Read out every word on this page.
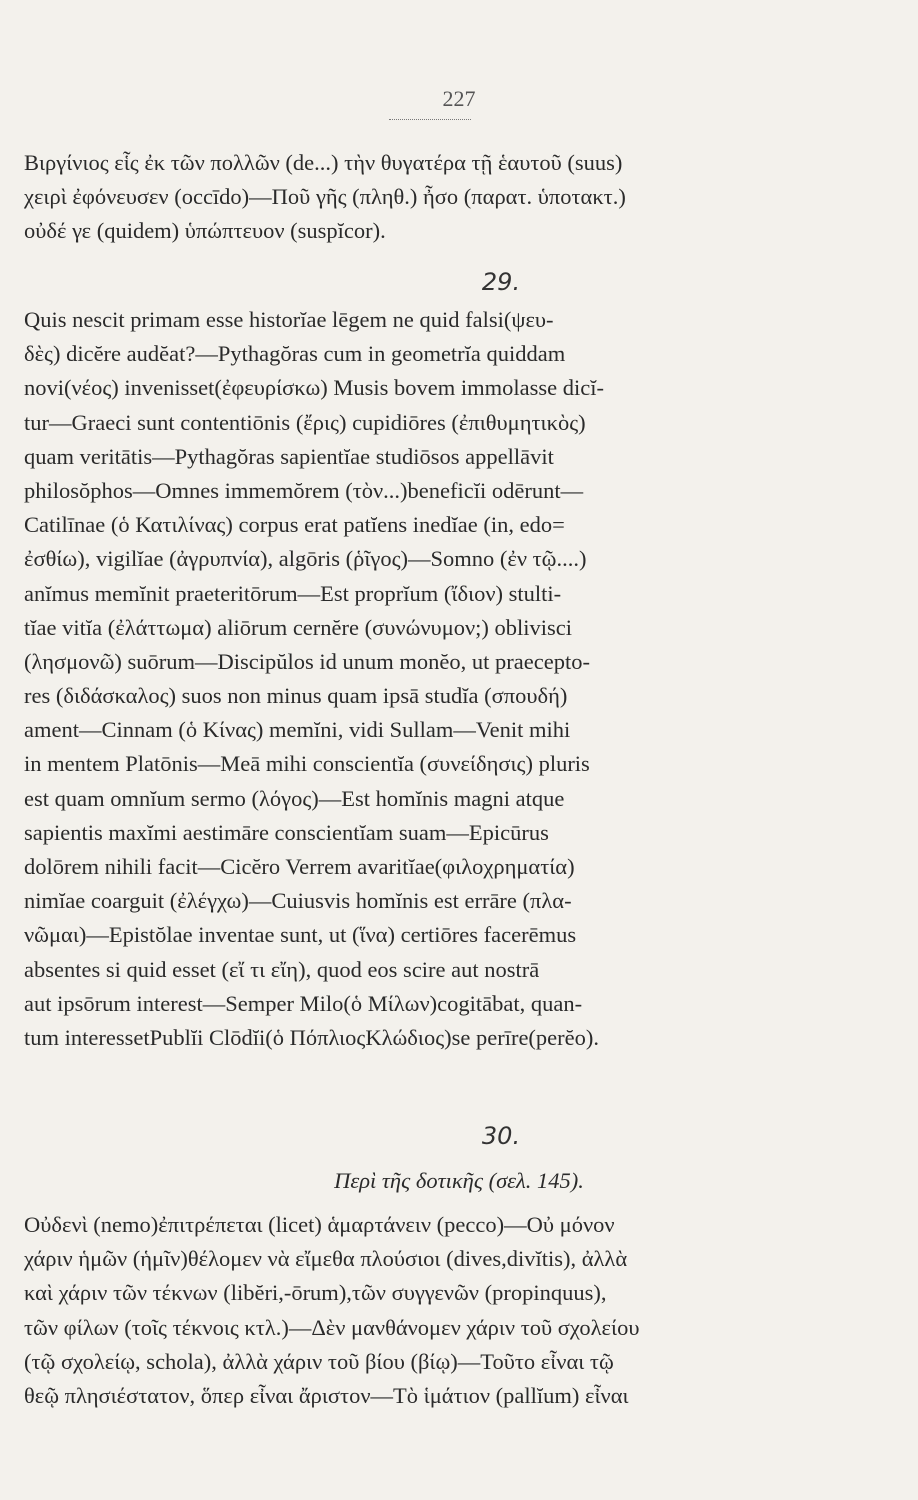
227
Βιργίνιος εἷς ἐκ τῶν πολλῶν (de...) τὴν θυγατέρα τῇ ἑαυτοῦ (suus)
χειρὶ ἐφόνευσεν (occīdo)—Ποῦ γῆς (πληθ.) ἦσο (παρατ. ὑποτακτ.)
οὐδέ γε (quidem) ὑπώπτευον (suspĭcor).
29.
Quis nescit primam esse historĭae lēgem ne quid falsi(ψευ-
δὲς) dicĕre audĕat?—Pythagŏras cum in geometrĭa quiddam
novi(νέος) invenisset(ἐφευρίσκω) Musis bovem immolasse dicĭ-
tur—Graeci sunt contentiōnis (ἔρις) cupidiōres (ἐπιθυμητικὸς)
quam veritātis—Pythagŏras sapientĭae studiōsos appellāvit
philosŏphos—Omnes immemŏrem (τὸν...)beneficĭi odērunt—
Catilīnae (ὁ Κατιλίνας) corpus erat patĭens inedĭae (in, edo=
ἐσθίω), vigilĭae (ἀγρυπνία), algōris (ῥῖγος)—Somno (ἐν τῷ....)
anĭmus memĭnit praeteritōrum—Est proprĭum (ἴδιον) stulti-
tĭae vitĭa (ἐλάττωμα) aliōrum cernĕre (συνώνυμον;) oblivisci
(λησμονῶ) suōrum—Discipŭlos id unum monĕo, ut praecepto-
res (διδάσκαλος) suos non minus quam ipsā studĭa (σπουδή)
ament—Cinnam (ὁ Κίνας) memĭni, vidi Sullam—Venit mihi
in mentem Platōnis—Meā mihi conscientĭa (συνείδησις) pluris
est quam omnĭum sermo (λόγος)—Est homĭnis magni atque
sapientis maxĭmi aestimāre conscientĭam suam—Epicūrus
dolōrem nihili facit—Cicĕro Verrem avaritĭae(φιλοχρηματία)
nimĭae coarguit (ἐλέγχω)—Cuiusvis homĭnis est errāre (πλα-
νῶμαι)—Epistŏlae inventae sunt, ut (ἵνα) certiōres facerēmus
absentes si quid esset (εἴ τι εἴη), quod eos scire aut nostrā
aut ipsōrum interest—Semper Milo(ὁ Μίλων)cogitābat, quan-
tum interessetPublĭi Clōdĭi(ὁ ΠόπλιοςΚλώδιος)se perīre(perĕo).
30.
Περὶ τῆς δοτικῆς (σελ. 145).
Οὐδενὶ (nemo)ἐπιτρέπεται (licet) ἁμαρτάνειν (pecco)—Οὐ μόνον
χάριν ἡμῶν (ἡμῖν)θέλομεν νὰ εἴμεθα πλούσιοι (dives,divĭtis), ἀλλὰ
καὶ χάριν τῶν τέκνων (libĕri,-ōrum),τῶν συγγενῶν (propinquus),
τῶν φίλων (τοῖς τέκνοις κτλ.)—Δὲν μανθάνομεν χάριν τοῦ σχολείου
(τῷ σχολείῳ, schola), ἀλλὰ χάριν τοῦ βίου (βίῳ)—Τοῦτο εἶναι τῷ
θεῷ πλησιέστατον, ὅπερ εἶναι ἄριστον—Τὸ ἱμάτιον (pallĭum) εἶναι
